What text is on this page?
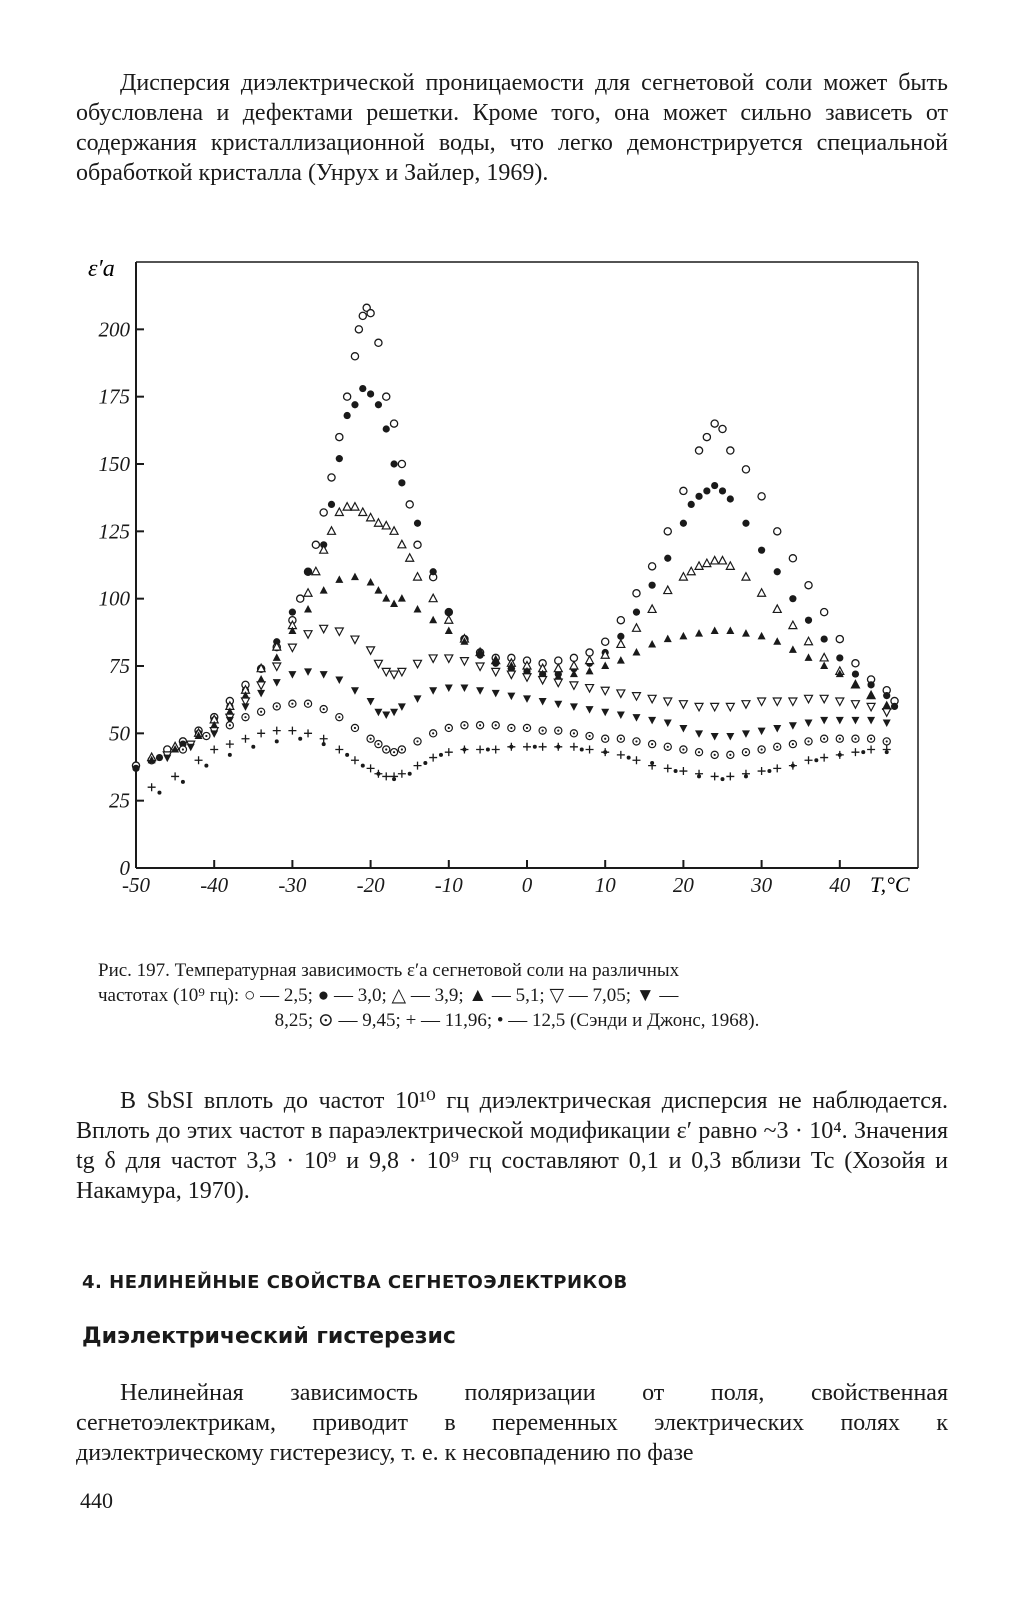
Дисперсия диэлектрической проницаемости для сегнетовой соли может быть обусловлена и дефектами решетки. Кроме того, она может сильно зависеть от содержания кристаллизационной воды, что легко демонстрируется специальной обработкой кристалла (Унрух и Зайлер, 1969).

-50 -40 -30 -20 -10	0	10	20	30	40
0
25
50
75
100
125
150
175
200
ε′a
T,°C

Рис. 197. Температурная зависимость ε′a сегнетовой соли на различных
частотах (10⁹ гц): ○ — 2,5; ● — 3,0; △ — 3,9; ▲ — 5,1; ▽ — 7,05; ▼ —
8,25; ⊙ — 9,45; + — 11,96; • — 12,5 (Сэнди и Джонс, 1968).

В SbSI вплоть до частот 10¹⁰ гц диэлектрическая дисперсия не наблюдается. Вплоть до этих частот в параэлектрической модификации ε′ равно ~3 · 10⁴. Значения tg δ для частот 3,3 · 10⁹ и 9,8 · 10⁹ гц составляют 0,1 и 0,3 вблизи Tc (Хозойя и Накамура, 1970).

4. НЕЛИНЕЙНЫЕ СВОЙСТВА СЕГНЕТОЭЛЕКТРИКОВ
Диэлектрический гистерезис

Нелинейная зависимость поляризации от поля, свойственная сегнетоэлектрикам, приводит в переменных электрических полях к диэлектрическому гистерезису, т. е. к несовпадению по фазе

440
